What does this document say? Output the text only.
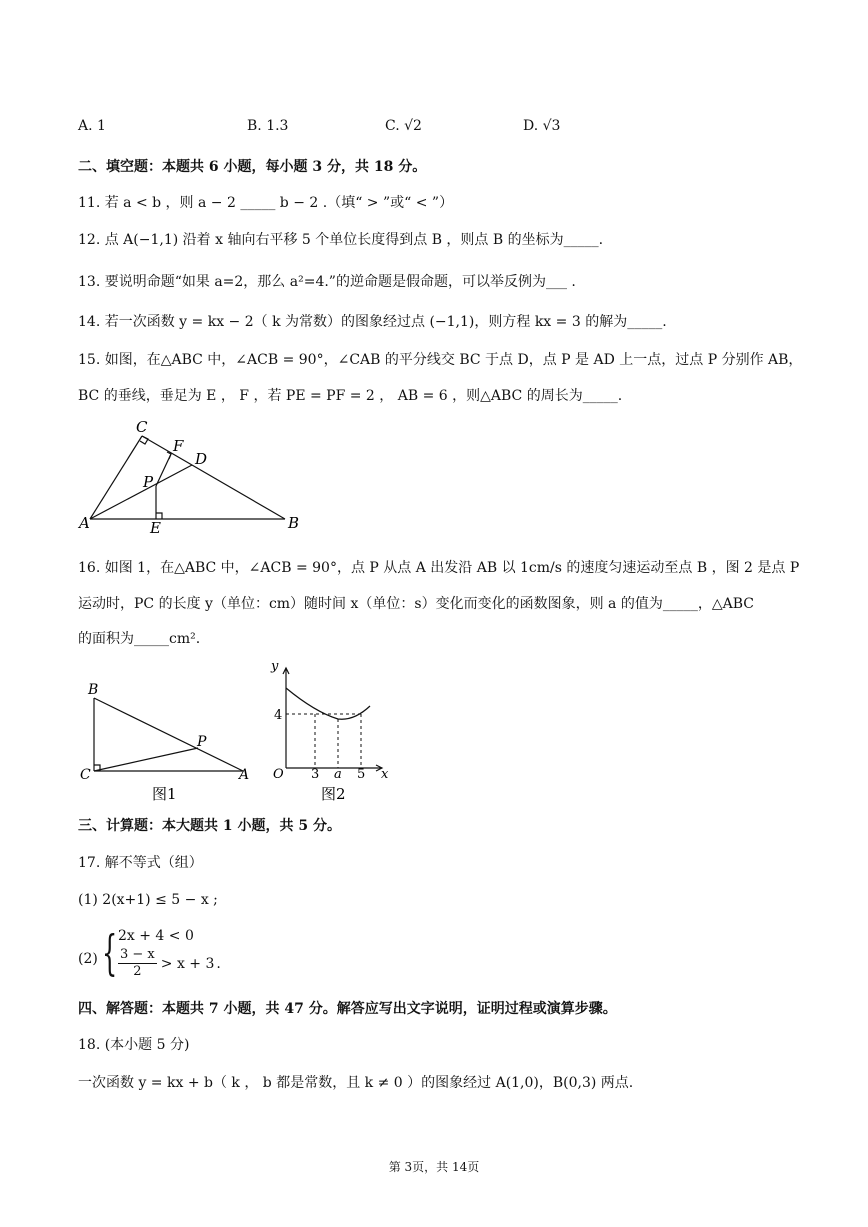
A. 1	B. 1.3	C. √2	D. √3
二、填空题：本题共 6 小题，每小题 3 分，共 18 分。
11. 若 a < b ，则 a − 2 _____ b − 2 .（填“ > ”或“ < ”）
12. 点 A(−1,1) 沿着 x 轴向右平移 5 个单位长度得到点 B ，则点 B 的坐标为_____.
13. 要说明命题“如果 a=2，那么 a²=4.”的逆命题是假命题，可以举反例为___ .
14. 若一次函数 y = kx − 2（ k 为常数）的图象经过点 (−1,1)，则方程 kx = 3 的解为_____.
15. 如图，在△ABC 中，∠ACB = 90°，∠CAB 的平分线交 BC 于点 D，点 P 是 AD 上一点，过点 P 分别作 AB，
BC 的垂线，垂足为 E ， F ，若 PE = PF = 2 ， AB = 6 ，则△ABC 的周长为_____.
C
F
D
P
A	E	B
16. 如图 1，在△ABC 中，∠ACB = 90°，点 P 从点 A 出发沿 AB 以 1cm/s 的速度匀速运动至点 B ，图 2 是点 P
运动时，PC 的长度 y（单位：cm）随时间 x（单位：s）变化而变化的函数图象，则 a 的值为_____，△ABC
的面积为_____cm².
B
C
P
A
图1
y
x
O
4
3 a 5
图2
三、计算题：本大题共 1 小题，共 5 分。
17. 解不等式（组）
(1) 2(x+1) ≤ 5 − x ;
(2) { 2x + 4 < 0
$\frac{3 - x}{2} > x + 3$ .
四、解答题：本题共 7 小题，共 47 分。解答应写出文字说明，证明过程或演算步骤。
18. (本小题 5 分)
一次函数 y = kx + b（ k ， b 都是常数，且 k ≠ 0 ）的图象经过 A(1,0)，B(0,3) 两点.
第 3页，共 14页
